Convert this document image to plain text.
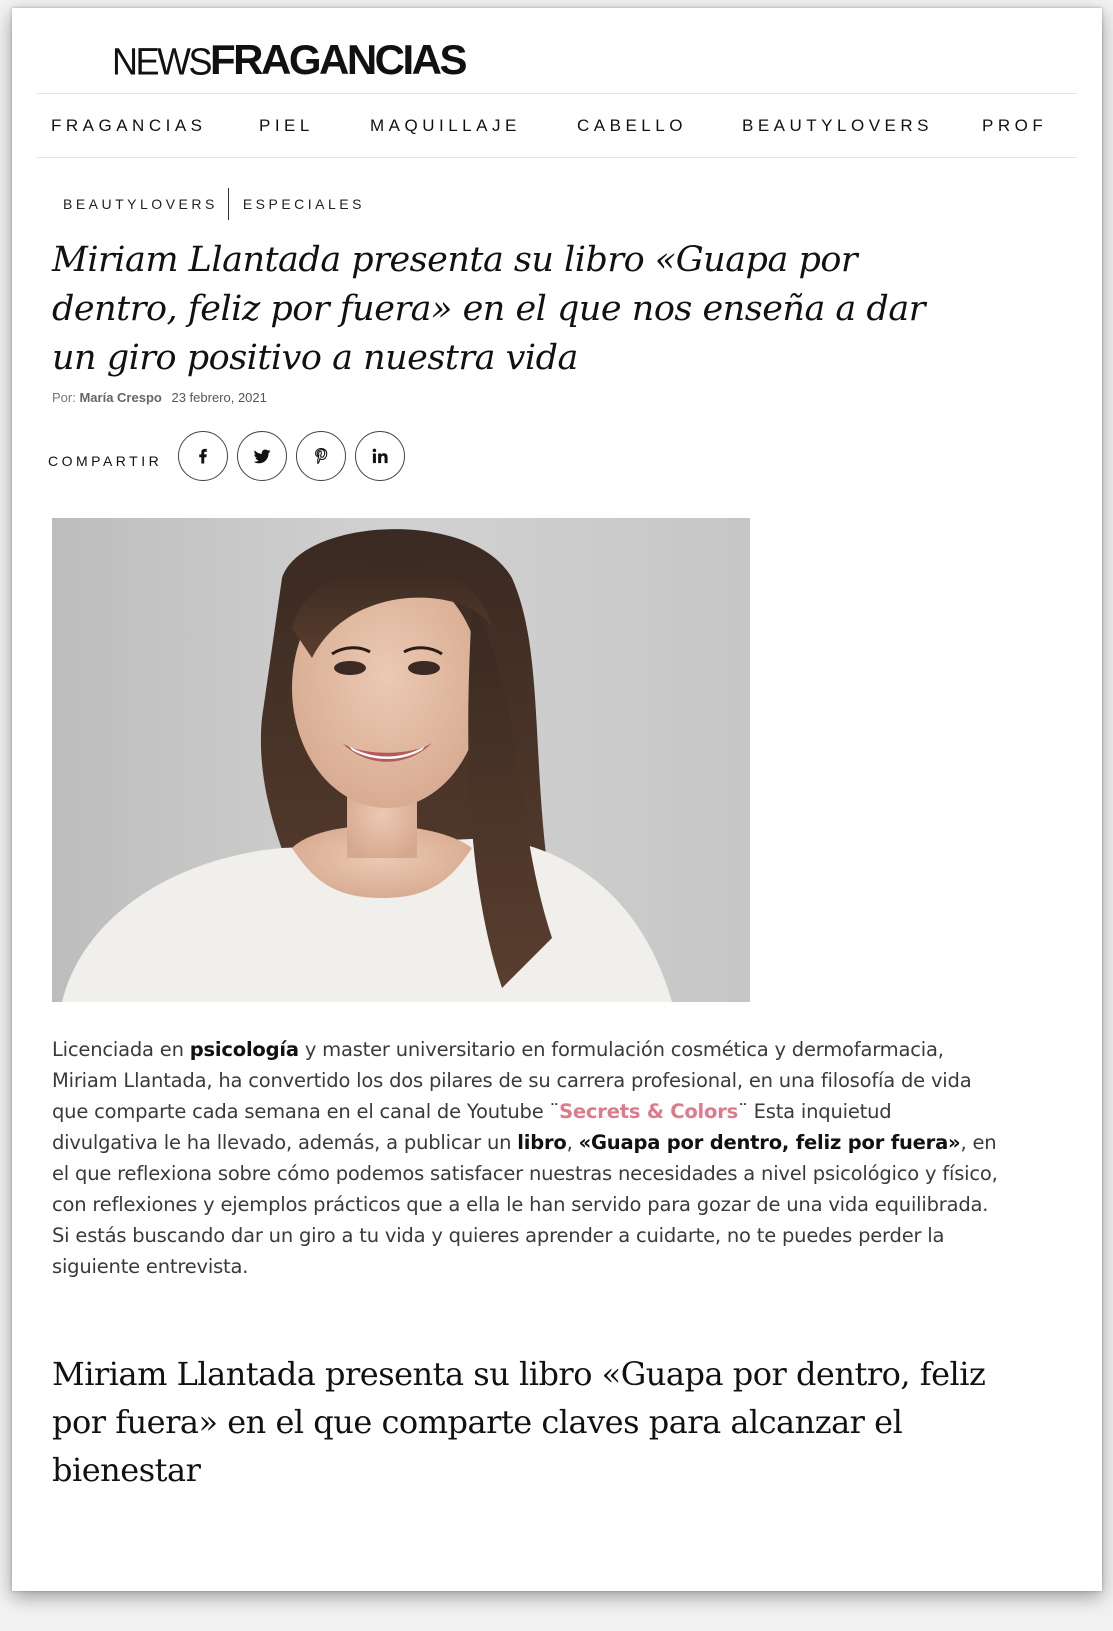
NEWS FRAGANCIAS
FRAGANCIAS	PIEL	MAQUILLAJE	CABELLO	BEAUTYLOVERS	PROF
BEAUTYLOVERS ESPECIALES
Miriam Llantada presenta su libro «Guapa por dentro, feliz por fuera» en el que nos enseña a dar un giro positivo a nuestra vida
Por: María Crespo 23 febrero, 2021
COMPARTIR

Licenciada en psicología y master universitario en formulación cosmética y dermofarmacia, Miriam Llantada, ha convertido los dos pilares de su carrera profesional, en una filosofía de vida que comparte cada semana en el canal de Youtube ¨Secrets & Colors¨ Esta inquietud divulgativa le ha llevado, además, a publicar un libro, «Guapa por dentro, feliz por fuera», en el que reflexiona sobre cómo podemos satisfacer nuestras necesidades a nivel psicológico y físico, con reflexiones y ejemplos prácticos que a ella le han servido para gozar de una vida equilibrada. Si estás buscando dar un giro a tu vida y quieres aprender a cuidarte, no te puedes perder la siguiente entrevista.

Miriam Llantada presenta su libro «Guapa por dentro, feliz por fuera» en el que comparte claves para alcanzar el bienestar
